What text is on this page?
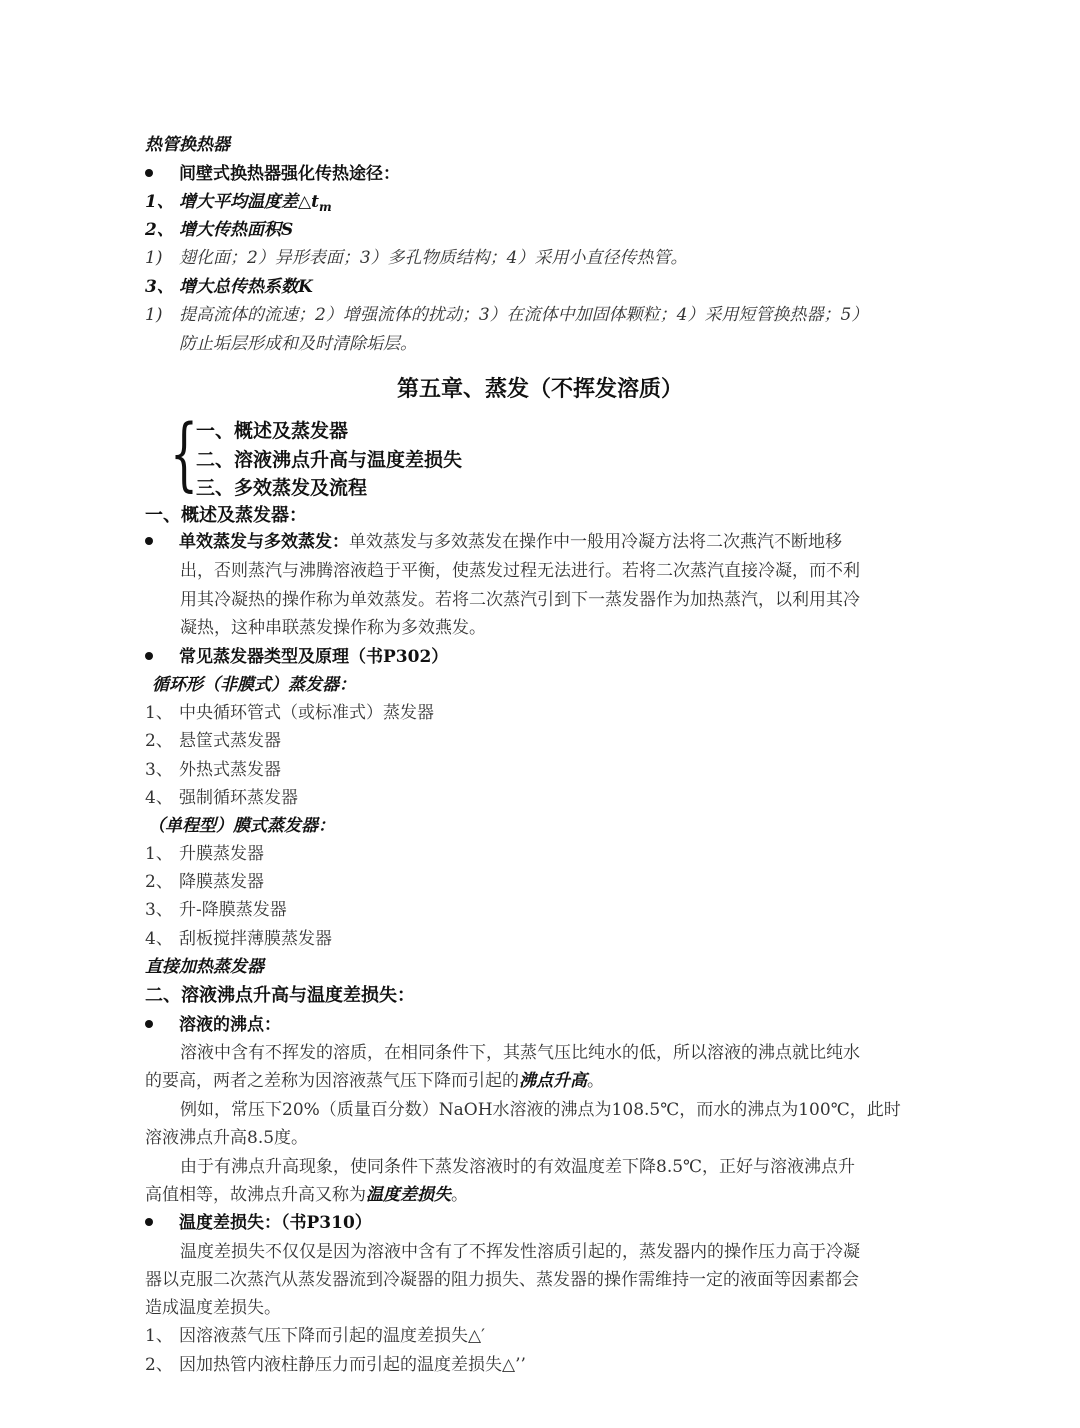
热管换热器
间壁式换热器强化传热途径：
1、 增大平均温度差$\triangle t_m$
2、 增大传热面积S
1) 翅化面；2）异形表面；3）多孔物质结构；4）采用小直径传热管。
3、 增大总传热系数K
1) 提高流体的流速；2）增强流体的扰动；3）在流体中加固体颗粒；4）采用短管换热器；5）
防止垢层形成和及时清除垢层。
第五章、蒸发（不挥发溶质）
{
一、概述及蒸发器
二、溶液沸点升高与温度差损失
三、多效蒸发及流程
一、概述及蒸发器：
单效蒸发与多效蒸发：单效蒸发与多效蒸发在操作中一般用冷凝方法将二次燕汽不断地移
出，否则蒸汽与沸腾溶液趋于平衡，使蒸发过程无法进行。若将二次蒸汽直接冷凝，而不利
用其冷凝热的操作称为单效蒸发。若将二次蒸汽引到下一蒸发器作为加热蒸汽，以利用其冷
凝热，这种串联蒸发操作称为多效燕发。
常见蒸发器类型及原理（书P302）
循环形（非膜式）蒸发器：
1、 中央循环管式（或标准式）蒸发器
2、 悬筐式蒸发器
3、 外热式蒸发器
4、 强制循环蒸发器
（单程型）膜式蒸发器：
1、 升膜蒸发器
2、 降膜蒸发器
3、 升-降膜蒸发器
4、 刮板搅拌薄膜蒸发器
直接加热蒸发器
二、溶液沸点升高与温度差损失：
溶液的沸点：
溶液中含有不挥发的溶质，在相同条件下，其蒸气压比纯水的低，所以溶液的沸点就比纯水
的要高，两者之差称为因溶液蒸气压下降而引起的沸点升高。
例如，常压下20%（质量百分数）NaOH水溶液的沸点为108.5℃，而水的沸点为100℃，此时
溶液沸点升高8.5度。
由于有沸点升高现象，使同条件下蒸发溶液时的有效温度差下降8.5℃，正好与溶液沸点升
高值相等，故沸点升高又称为温度差损失。
温度差损失：（书P310）
温度差损失不仅仅是因为溶液中含有了不挥发性溶质引起的，蒸发器内的操作压力高于冷凝
器以克服二次蒸汽从蒸发器流到冷凝器的阻力损失、蒸发器的操作需维持一定的液面等因素都会
造成温度差损失。
1、 因溶液蒸气压下降而引起的温度差损失△′
2、 因加热管内液柱静压力而引起的温度差损失△’’
